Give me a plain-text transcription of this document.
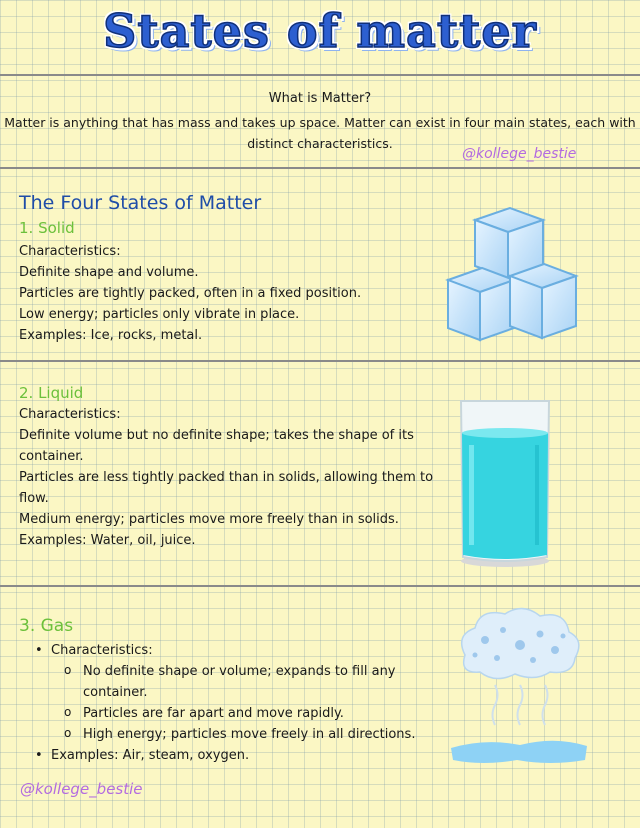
States of matter
What is Matter?
Matter is anything that has mass and takes up space. Matter can exist in four main states, each with distinct characteristics.
@kollege_bestie
The Four States of Matter
1. Solid

Characteristics:

Definite shape and volume.

Particles are tightly packed, often in a fixed position.

Low energy; particles only vibrate in place.

Examples: Ice, rocks, metal.

2. Liquid

Characteristics:

Definite volume but no definite shape; takes the shape of its container.

Particles are less tightly packed than in solids, allowing them to flow.

Medium energy; particles move more freely than in solids.

Examples: Water, oil, juice.

3. Gas
• Characteristics:
o No definite shape or volume; expands to fill any container.
o Particles are far apart and move rapidly.
o High energy; particles move freely in all directions.
• Examples: Air, steam, oxygen.
@kollege_bestie
